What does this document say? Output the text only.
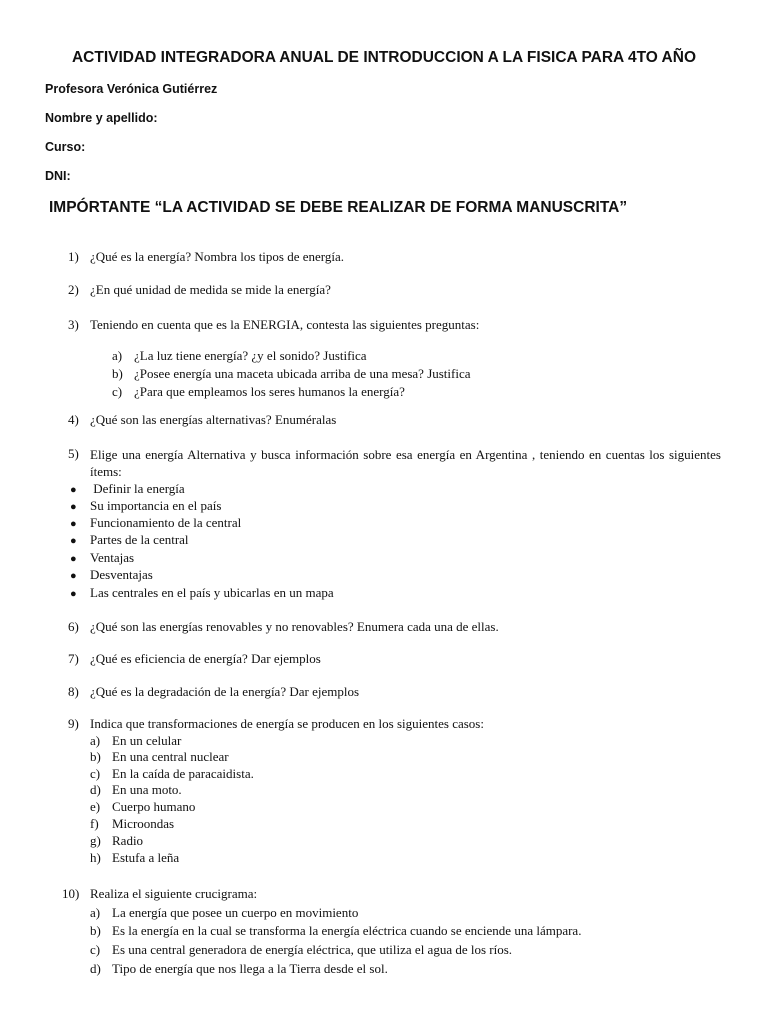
ACTIVIDAD INTEGRADORA ANUAL DE INTRODUCCION A LA FISICA PARA 4TO AÑO
Profesora Verónica Gutiérrez
Nombre y apellido:
Curso:
DNI:
IMPÓRTANTE “LA ACTIVIDAD SE DEBE REALIZAR DE FORMA MANUSCRITA”
1) ¿Qué es la energía? Nombra los tipos de energía.
2) ¿En qué unidad de medida se mide la energía?
3) Teniendo en cuenta que es la ENERGIA, contesta las siguientes preguntas:
a) ¿La luz tiene energía? ¿y el sonido? Justifica
b) ¿Posee energía una maceta ubicada arriba de una mesa? Justifica
c) ¿Para que empleamos los seres humanos la energía?
4) ¿Qué son las energías alternativas? Enuméralas
5) Elige una energía Alternativa y busca información sobre esa energía en Argentina , teniendo en cuentas los siguientes ítems:
● Definir la energía
● Su importancia en el país
● Funcionamiento de la central
● Partes de la central
● Ventajas
● Desventajas
● Las centrales en el país y ubicarlas en un mapa
6) ¿Qué son las energías renovables y no renovables? Enumera cada una de ellas.
7) ¿Qué es eficiencia de energía? Dar ejemplos
8) ¿Qué es la degradación de la energía? Dar ejemplos
9) Indica que transformaciones de energía se producen en los siguientes casos:
a) En un celular
b) En una central nuclear
c) En la caída de paracaidista.
d) En una moto.
e) Cuerpo humano
f) Microondas
g) Radio
h) Estufa a leña
10) Realiza el siguiente crucigrama:
a) La energía que posee un cuerpo en movimiento
b) Es la energía en la cual se transforma la energía eléctrica cuando se enciende una lámpara.
c) Es una central generadora de energía eléctrica, que utiliza el agua de los ríos.
d) Tipo de energía que nos llega a la Tierra desde el sol.
